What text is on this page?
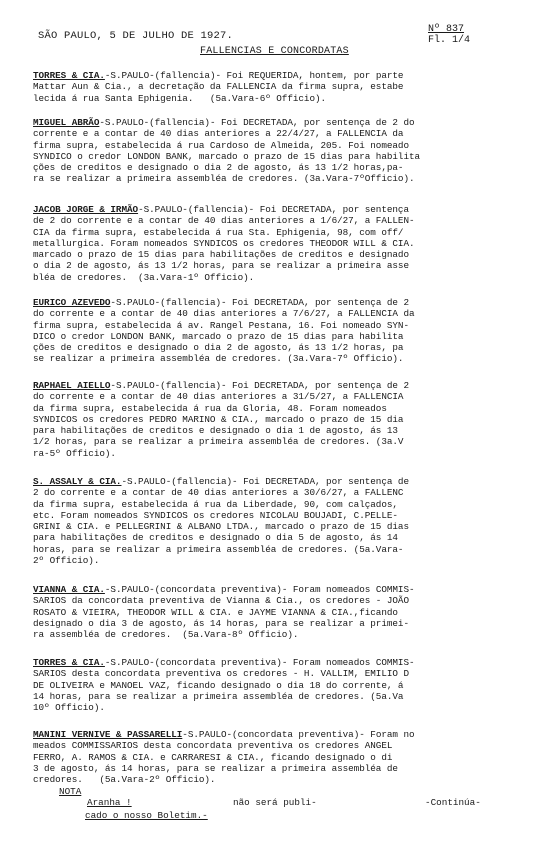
SÃO PAULO, 5 DE JULHO DE 1927.
Nº 837
Fl. 1/4
FALLENCIAS E CONCORDATAS

TORRES & CIA.-S.PAULO-(fallencia)- Foi REQUERIDA, hontem, por parte
Mattar Aun & Cia., a decretação da FALLENCIA da firma supra, estabe
lecida á rua Santa Ephigenia.   (5a.Vara-6º Officio).

MIGUEL ABRÃO-S.PAULO-(fallencia)- Foi DECRETADA, por sentença de 2 do
corrente e a contar de 40 dias anteriores a 22/4/27, a FALLENCIA da
firma supra, estabelecida á rua Cardoso de Almeida, 205. Foi nomeado
SYNDICO o credor LONDON BANK, marcado o prazo de 15 dias para habilita
ções de creditos e designado o dia 2 de agosto, ás 13 1/2 horas,pa-
ra se realizar a primeira assembléa de credores. (3a.Vara-7ºOfficio).

JACOB JORGE & IRMÃO-S.PAULO-(fallencia)- Foi DECRETADA, por sentença
de 2 do corrente e a contar de 40 dias anteriores a 1/6/27, a FALLEN-
CIA da firma supra, estabelecida á rua Sta. Ephigenia, 98, com off/
metallurgica. Foram nomeados SYNDICOS os credores THEODOR WILL & CIA.
marcado o prazo de 15 dias para habilitações de creditos e designado
o dia 2 de agosto, ás 13 1/2 horas, para se realizar a primeira asse
bléa de credores.  (3a.Vara-1º Officio).

EURICO AZEVEDO-S.PAULO-(fallencia)- Foi DECRETADA, por sentença de 2
do corrente e a contar de 40 dias anteriores a 7/6/27, a FALLENCIA da
firma supra, estabelecida á av. Rangel Pestana, 16. Foi nomeado SYN-
DICO o credor LONDON BANK, marcado o prazo de 15 dias para habilita
ções de creditos e designado o dia 2 de agosto, ás 13 1/2 horas, pa
se realizar a primeira assembléa de credores. (3a.Vara-7º Officio).

RAPHAEL AIELLO-S.PAULO-(fallencia)- Foi DECRETADA, por sentença de 2
do corrente e a contar de 40 dias anteriores a 31/5/27, a FALLENCIA
da firma supra, estabelecida á rua da Gloria, 48. Foram nomeados
SYNDICOS os credores PEDRO MARINO & CIA., marcado o prazo de 15 dia
para habilitações de creditos e designado o dia 1 de agosto, ás 13
1/2 horas, para se realizar a primeira assembléa de credores. (3a.V
ra-5º Officio).

S. ASSALY & CIA.-S.PAULO-(fallencia)- Foi DECRETADA, por sentença de
2 do corrente e a contar de 40 dias anteriores a 30/6/27, a FALLENC
da firma supra, estabelecida á rua da Liberdade, 90, com calçados,
etc. Foram nomeados SYNDICOS os credores NICOLAU BOUJADI, C.PELLE-
GRINI & CIA. e PELLEGRINI & ALBANO LTDA., marcado o prazo de 15 dias
para habilitações de creditos e designado o dia 5 de agosto, ás 14
horas, para se realizar a primeira assembléa de credores. (5a.Vara-
2º Officio).

VIANNA & CIA.-S.PAULO-(concordata preventiva)- Foram nomeados COMMIS-
SARIOS da concordata preventiva de Vianna & Cia., os credores - JOÃO
ROSATO & VIEIRA, THEODOR WILL & CIA. e JAYME VIANNA & CIA.,ficando
designado o dia 3 de agosto, ás 14 horas, para se realizar a primei-
ra assembléa de credores.  (5a.Vara-8º Officio).

TORRES & CIA.-S.PAULO-(concordata preventiva)- Foram nomeados COMMIS-
SARIOS desta concordata preventiva os credores - H. VALLIM, EMILIO D
DE OLIVEIRA e MANOEL VAZ, ficando designado o dia 18 do corrente, á
14 horas, para se realizar a primeira assembléa de credores. (5a.Va
10º Officio).

MANINI VERNIVE & PASSARELLI-S.PAULO-(concordata preventiva)- Foram no
meados COMMISSARIOS desta concordata preventiva os credores ANGEL
FERRO, A. RAMOS & CIA. e CARRARESI & CIA., ficando designado o di
3 de agosto, ás 14 horas, para se realizar a primeira assembléa de
credores.   (5a.Vara-2º Officio).

NOTA
Aranha !	não será publi-
cado o nosso Boletim.-
-Continúa-
